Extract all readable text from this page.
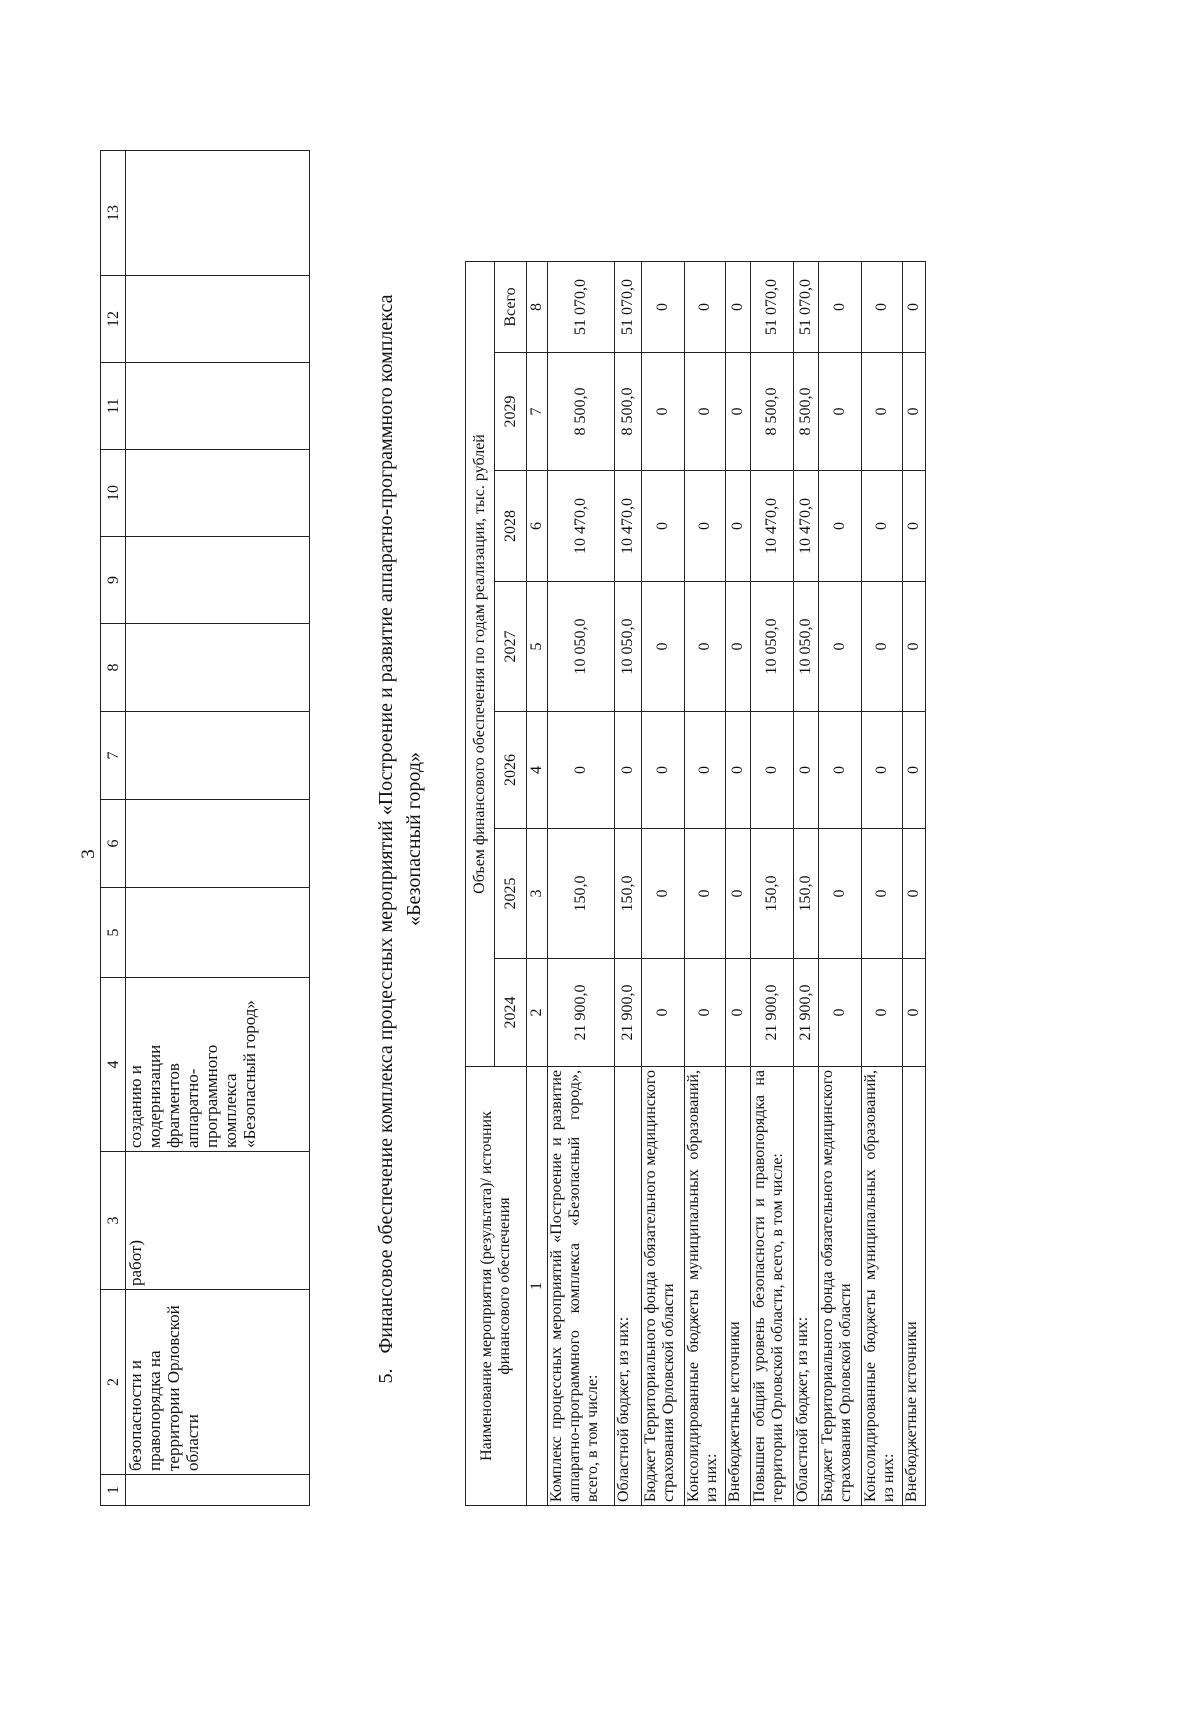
3
1	2	3	4	5	6	7	8	9	10	11	12	13
	безопасности и правопорядка на территории Орловской области	работ)	созданию и модернизации фрагментов аппаратно-программного комплекса «Безопасный город»									
5.   Финансовое обеспечение комплекса процессных мероприятий «Построение и развитие аппаратно-программного комплекса «Безопасный город»
Наименование мероприятия (результата)/ источник финансового обеспечения	Объем финансового обеспечения по годам реализации, тыс. рублей						
	2024	2025	2026	2027	2028	2029	Всего
1	2	3	4	5	6	7	8
Комплекс процессных мероприятий «Построение и развитие аппаратно-программного комплекса «Безопасный город», всего, в том числе:	21 900,0	150,0	0	10 050,0	10 470,0	8 500,0	51 070,0
Областной бюджет, из них:	21 900,0	150,0	0	10 050,0	10 470,0	8 500,0	51 070,0
Бюджет Территориального фонда обязательного медицинского страхования Орловской области	0	0	0	0	0	0	0
Консолидированные бюджеты муниципальных образований, из них:	0	0	0	0	0	0	0
Внебюджетные источники	0	0	0	0	0	0	0
Повышен общий уровень безопасности и правопорядка на территории Орловской области, всего, в том числе:	21 900,0	150,0	0	10 050,0	10 470,0	8 500,0	51 070,0
Областной бюджет, из них:	21 900,0	150,0	0	10 050,0	10 470,0	8 500,0	51 070,0
Бюджет Территориального фонда обязательного медицинского страхования Орловской области	0	0	0	0	0	0	0
Консолидированные бюджеты муниципальных образований, из них:	0	0	0	0	0	0	0
Внебюджетные источники	0	0	0	0	0	0	0
